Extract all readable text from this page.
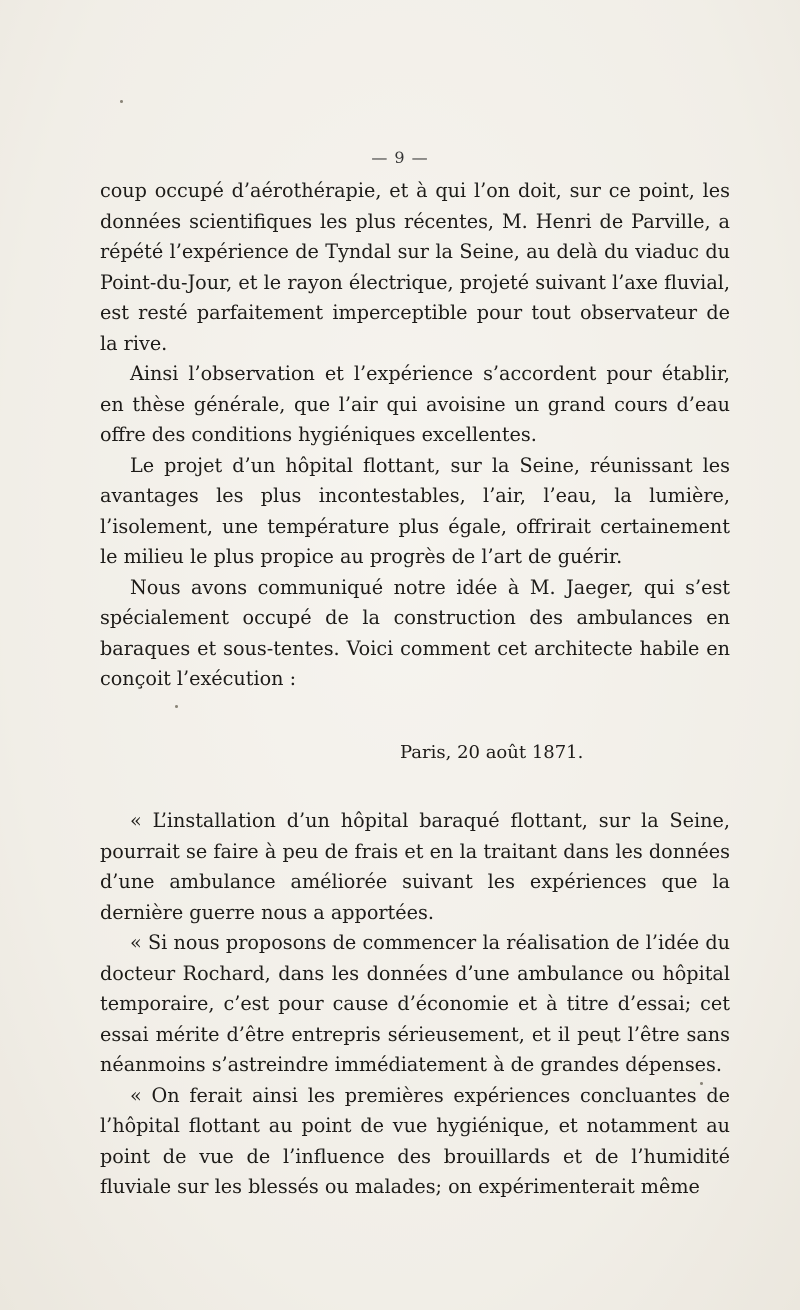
— 9 —

coup occupé d’aérothérapie, et à qui l’on doit, sur ce point, les données scientifiques les plus récentes, M. Henri de Parville, a répété l’expérience de Tyndal sur la Seine, au delà du viaduc du Point-du-Jour, et le rayon électrique, projeté suivant l’axe fluvial, est resté parfaitement imperceptible pour tout observateur de la rive.

Ainsi l’observation et l’expérience s’accordent pour établir, en thèse générale, que l’air qui avoisine un grand cours d’eau offre des conditions hygiéniques excellentes.

Le projet d’un hôpital flottant, sur la Seine, réunissant les avantages les plus incontestables, l’air, l’eau, la lumière, l’isolement, une température plus égale, offrirait certainement le milieu le plus propice au progrès de l’art de guérir.

Nous avons communiqué notre idée à M. Jaeger, qui s’est spécialement occupé de la construction des ambulances en baraques et sous-tentes. Voici comment cet architecte habile en conçoit l’exécution :

Paris, 20 août 1871.

« L’installation d’un hôpital baraqué flottant, sur la Seine, pourrait se faire à peu de frais et en la traitant dans les données d’une ambulance améliorée suivant les expériences que la dernière guerre nous a apportées.

« Si nous proposons de commencer la réalisation de l’idée du docteur Rochard, dans les données d’une ambulance ou hôpital temporaire, c’est pour cause d’économie et à titre d’essai; cet essai mérite d’être entrepris sérieusement, et il peut l’être sans néanmoins s’astreindre immédiatement à de grandes dépenses.

« On ferait ainsi les premières expériences concluantes de l’hôpital flottant au point de vue hygiénique, et notamment au point de vue de l’influence des brouillards et de l’humidité fluviale sur les blessés ou malades; on expérimenterait même
